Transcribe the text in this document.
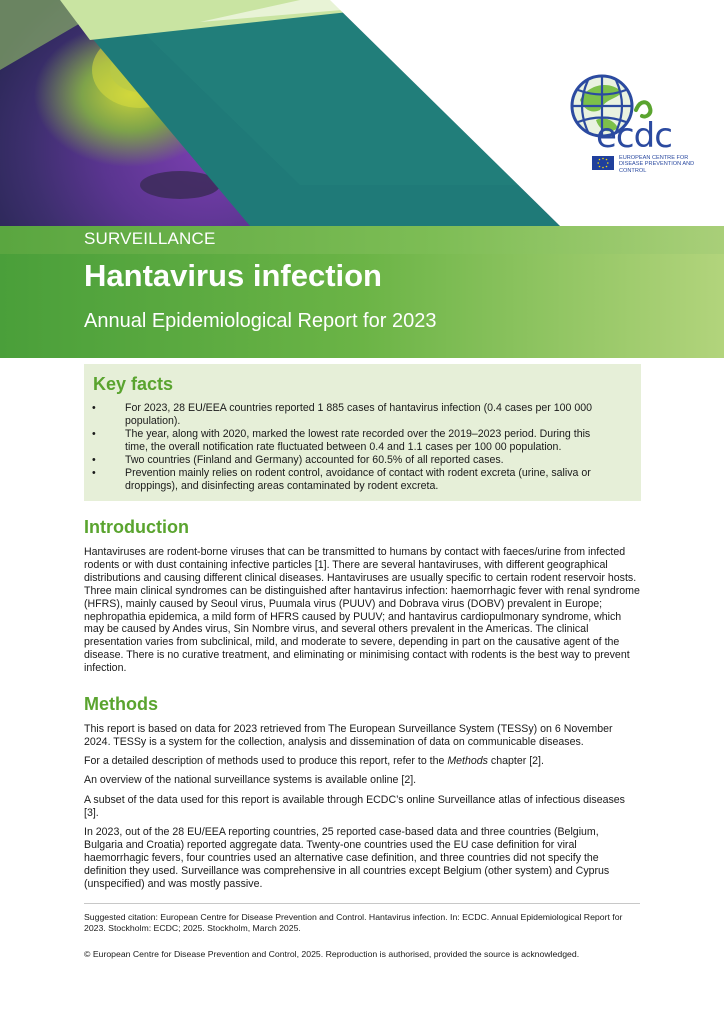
SURVEILLANCE
Hantavirus infection
Annual Epidemiological Report for 2023
ecdc
EUROPEAN CENTRE FOR DISEASE PREVENTION AND CONTROL
Key facts
•	For 2023, 28 EU/EEA countries reported 1 885 cases of hantavirus infection (0.4 cases per 100 000 population).
•	The year, along with 2020, marked the lowest rate recorded over the 2019–2023 period. During this time, the overall notification rate fluctuated between 0.4 and 1.1 cases per 100 00 population.
•	Two countries (Finland and Germany) accounted for 60.5% of all reported cases.
•	Prevention mainly relies on rodent control, avoidance of contact with rodent excreta (urine, saliva or droppings), and disinfecting areas contaminated by rodent excreta.
Introduction

Hantaviruses are rodent-borne viruses that can be transmitted to humans by contact with faeces/urine from infected rodents or with dust containing infective particles [1]. There are several hantaviruses, with different geographical distributions and causing different clinical diseases. Hantaviruses are usually specific to certain rodent reservoir hosts. Three main clinical syndromes can be distinguished after hantavirus infection: haemorrhagic fever with renal syndrome (HFRS), mainly caused by Seoul virus, Puumala virus (PUUV) and Dobrava virus (DOBV) prevalent in Europe; nephropathia epidemica, a mild form of HFRS caused by PUUV; and hantavirus cardiopulmonary syndrome, which may be caused by Andes virus, Sin Nombre virus, and several others prevalent in the Americas. The clinical presentation varies from subclinical, mild, and moderate to severe, depending in part on the causative agent of the disease. There is no curative treatment, and eliminating or minimising contact with rodents is the best way to prevent infection.

Methods

This report is based on data for 2023 retrieved from The European Surveillance System (TESSy) on 6 November 2024. TESSy is a system for the collection, analysis and dissemination of data on communicable diseases.

For a detailed description of methods used to produce this report, refer to the Methods chapter [2].

An overview of the national surveillance systems is available online [2].

A subset of the data used for this report is available through ECDC’s online Surveillance atlas of infectious diseases [3].

In 2023, out of the 28 EU/EEA reporting countries, 25 reported case-based data and three countries (Belgium, Bulgaria and Croatia) reported aggregate data. Twenty-one countries used the EU case definition for viral haemorrhagic fevers, four countries used an alternative case definition, and three countries did not specify the definition they used. Surveillance was comprehensive in all countries except Belgium (other system) and Cyprus (unspecified) and was mostly passive.

Suggested citation: European Centre for Disease Prevention and Control. Hantavirus infection. In: ECDC. Annual Epidemiological Report for 2023. Stockholm: ECDC; 2025. Stockholm, March 2025.
© European Centre for Disease Prevention and Control, 2025. Reproduction is authorised, provided the source is acknowledged.
